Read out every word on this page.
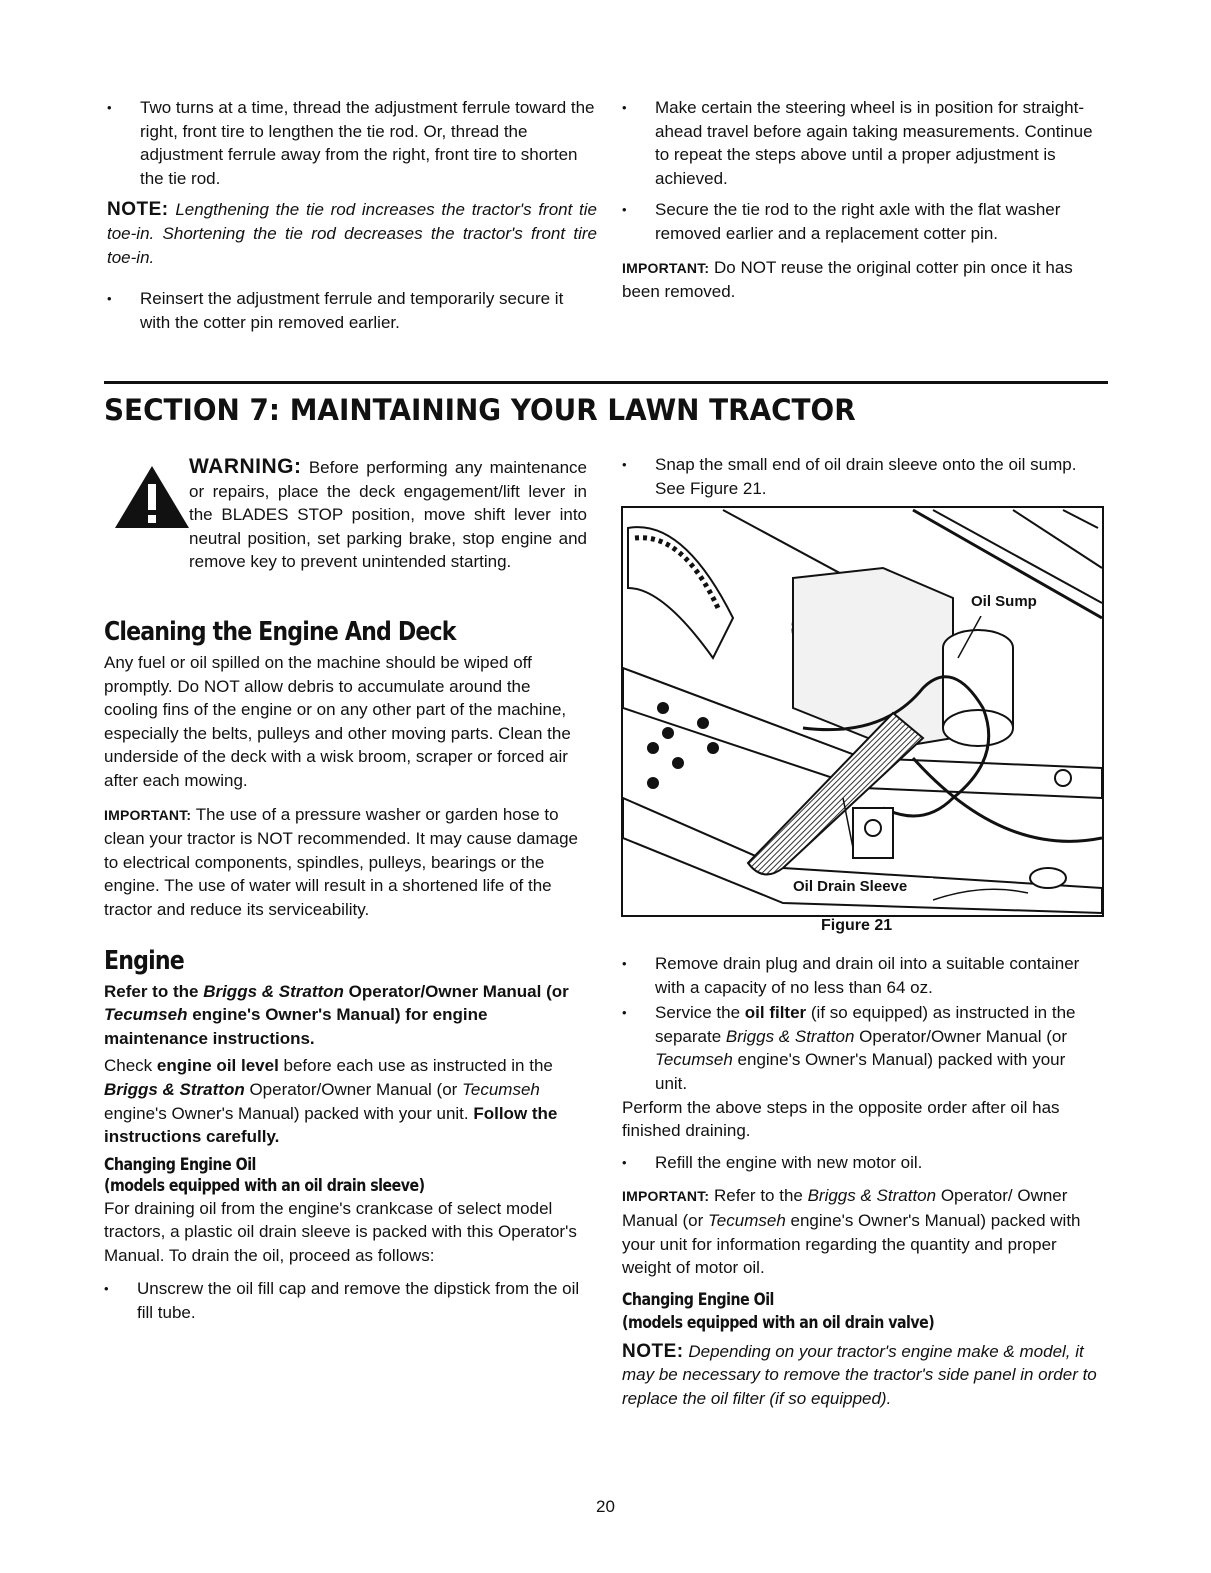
• Two turns at a time, thread the adjustment ferrule toward the right, front tire to lengthen the tie rod. Or, thread the adjustment ferrule away from the right, front tire to shorten the tie rod.

NOTE: Lengthening the tie rod increases the tractor's front tie toe-in. Shortening the tie rod decreases the tractor's front tire toe-in.

• Reinsert the adjustment ferrule and temporarily secure it with the cotter pin removed earlier.

• Make certain the steering wheel is in position for straight-ahead travel before again taking measurements. Continue to repeat the steps above until a proper adjustment is achieved.

• Secure the tie rod to the right axle with the flat washer removed earlier and a replacement cotter pin.

IMPORTANT: Do NOT reuse the original cotter pin once it has been removed.

SECTION 7: MAINTAINING YOUR LAWN TRACTOR

WARNING: Before performing any maintenance or repairs, place the deck engagement/lift lever in the BLADES STOP position, move shift lever into neutral position, set parking brake, stop engine and remove key to prevent unintended starting.

Cleaning the Engine And Deck

Any fuel or oil spilled on the machine should be wiped off promptly. Do NOT allow debris to accumulate around the cooling fins of the engine or on any other part of the machine, especially the belts, pulleys and other moving parts. Clean the underside of the deck with a wisk broom, scraper or forced air after each mowing.

IMPORTANT: The use of a pressure washer or garden hose to clean your tractor is NOT recommended. It may cause damage to electrical components, spindles, pulleys, bearings or the engine. The use of water will result in a shortened life of the tractor and reduce its serviceability.

Engine

Refer to the Briggs & Stratton Operator/Owner Manual (or Tecumseh engine's Owner's Manual) for engine maintenance instructions.

Check engine oil level before each use as instructed in the Briggs & Stratton Operator/Owner Manual (or Tecumseh engine's Owner's Manual) packed with your unit. Follow the instructions carefully.

Changing Engine Oil
(models equipped with an oil drain sleeve)

For draining oil from the engine's crankcase of select model tractors, a plastic oil drain sleeve is packed with this Operator's Manual. To drain the oil, proceed as follows:

• Unscrew the oil fill cap and remove the dipstick from the oil fill tube.

• Snap the small end of oil drain sleeve onto the oil sump. See Figure 21.

Oil Sump
Oil Drain Sleeve
Figure 21

• Remove drain plug and drain oil into a suitable container with a capacity of no less than 64 oz.

• Service the oil filter (if so equipped) as instructed in the separate Briggs & Stratton Operator/Owner Manual (or Tecumseh engine's Owner's Manual) packed with your unit.

Perform the above steps in the opposite order after oil has finished draining.

• Refill the engine with new motor oil.

IMPORTANT: Refer to the Briggs & Stratton Operator/ Owner Manual (or Tecumseh engine's Owner's Manual) packed with your unit for information regarding the quantity and proper weight of motor oil.

Changing Engine Oil
(models equipped with an oil drain valve)

NOTE: Depending on your tractor's engine make & model, it may be necessary to remove the tractor's side panel in order to replace the oil filter (if so equipped).

20
